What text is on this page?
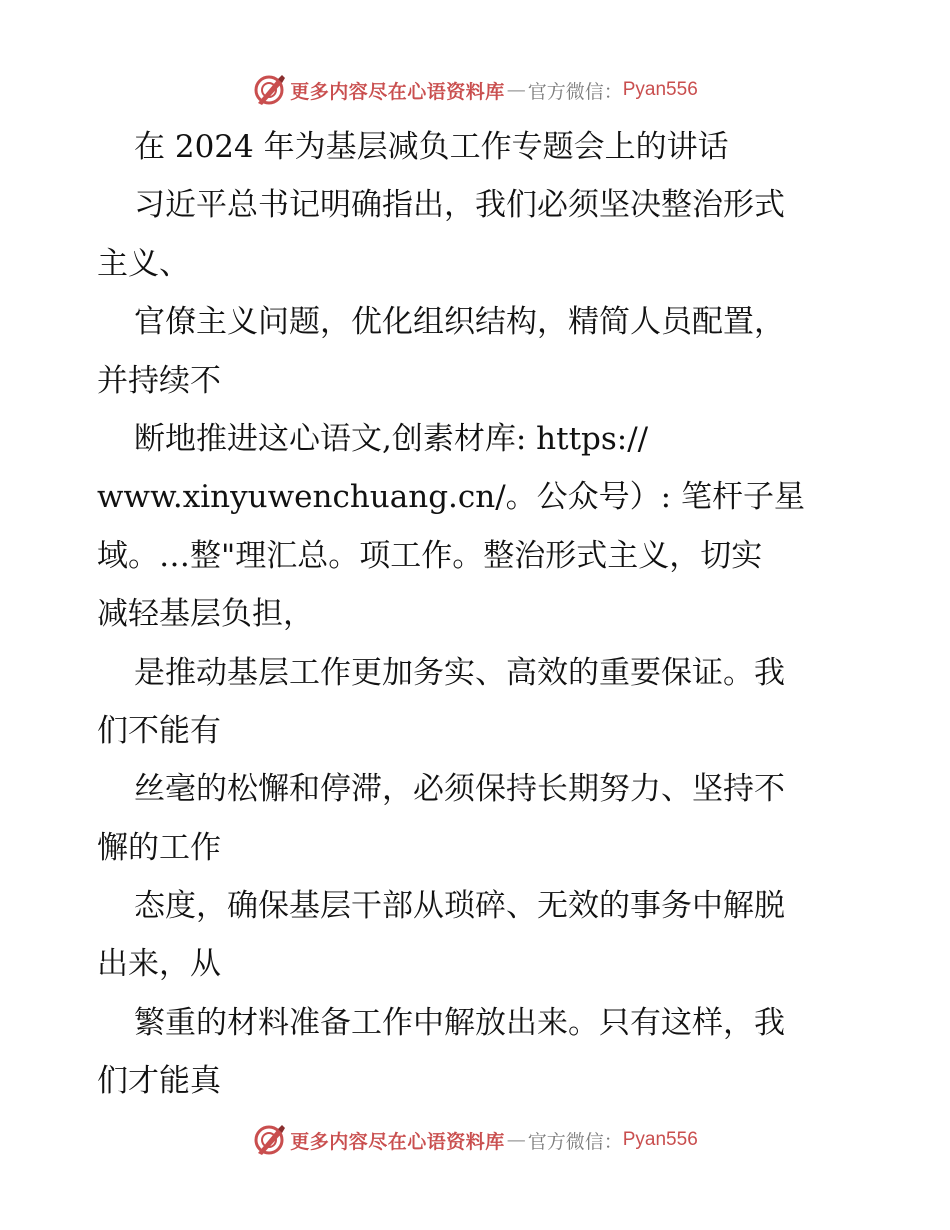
更多内容尽在心语资料库 — 官方微信： Pyan556
在 2024 年为基层减负工作专题会上的讲话
习近平总书记明确指出，我们必须坚决整治形式
主义、
官僚主义问题，优化组织结构，精简人员配置，
并持续不
断地推进这心语文,创素材库: https://
www.xinyuwenchuang.cn/。公众号）: 笔杆子星
域。…整"理汇总。项工作。整治形式主义，切实
减轻基层负担，
是推动基层工作更加务实、高效的重要保证。我
们不能有
丝毫的松懈和停滞，必须保持长期努力、坚持不
懈的工作
态度，确保基层干部从琐碎、无效的事务中解脱
出来，从
繁重的材料准备工作中解放出来。只有这样，我
们才能真
更多内容尽在心语资料库 — 官方微信： Pyan556
